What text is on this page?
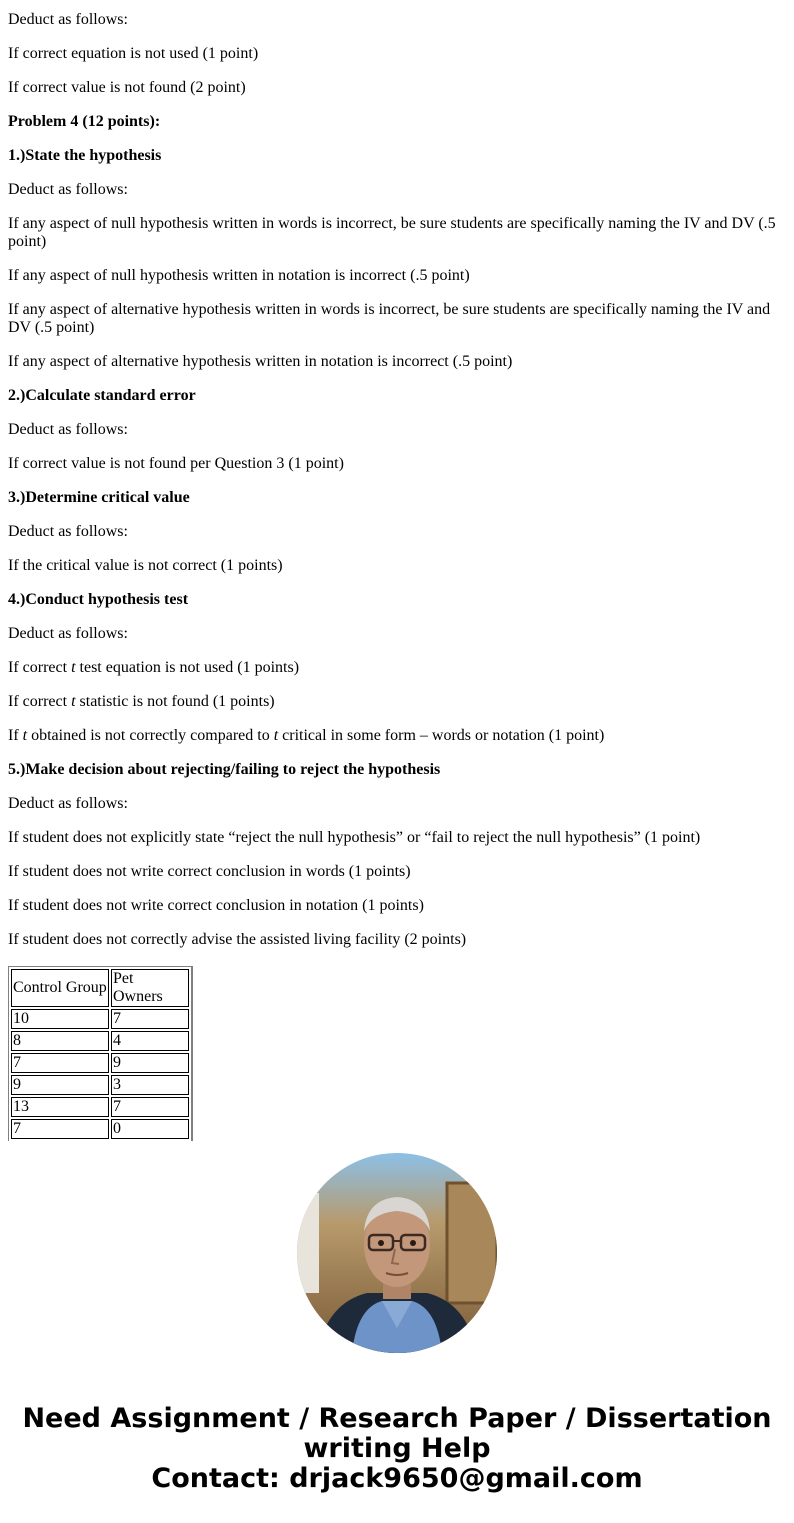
Deduct as follows:

If correct equation is not used (1 point)

If correct value is not found (2 point)

Problem 4 (12 points):

1.)State the hypothesis

Deduct as follows:

If any aspect of null hypothesis written in words is incorrect, be sure students are specifically naming the IV and DV (.5 point)

If any aspect of null hypothesis written in notation is incorrect (.5 point)

If any aspect of alternative hypothesis written in words is incorrect, be sure students are specifically naming the IV and DV (.5 point)

If any aspect of alternative hypothesis written in notation is incorrect (.5 point)

2.)Calculate standard error

Deduct as follows:

If correct value is not found per Question 3 (1 point)

3.)Determine critical value

Deduct as follows:

If the critical value is not correct (1 points)

4.)Conduct hypothesis test

Deduct as follows:

If correct t test equation is not used (1 points)

If correct t statistic is not found (1 points)

If t obtained is not correctly compared to t critical in some form – words or notation (1 point)

5.)Make decision about rejecting/failing to reject the hypothesis

Deduct as follows:

If student does not explicitly state “reject the null hypothesis” or “fail to reject the null hypothesis” (1 point)

If student does not write correct conclusion in words (1 points)

If student does not write correct conclusion in notation (1 points)

If student does not correctly advise the assisted living facility (2 points)

Control Group	Pet Owners
10	7
8	4
7	9
9	3
13	7
7	0
Need Assignment / Research Paper / Dissertation
writing Help
Contact: drjack9650@gmail.com
